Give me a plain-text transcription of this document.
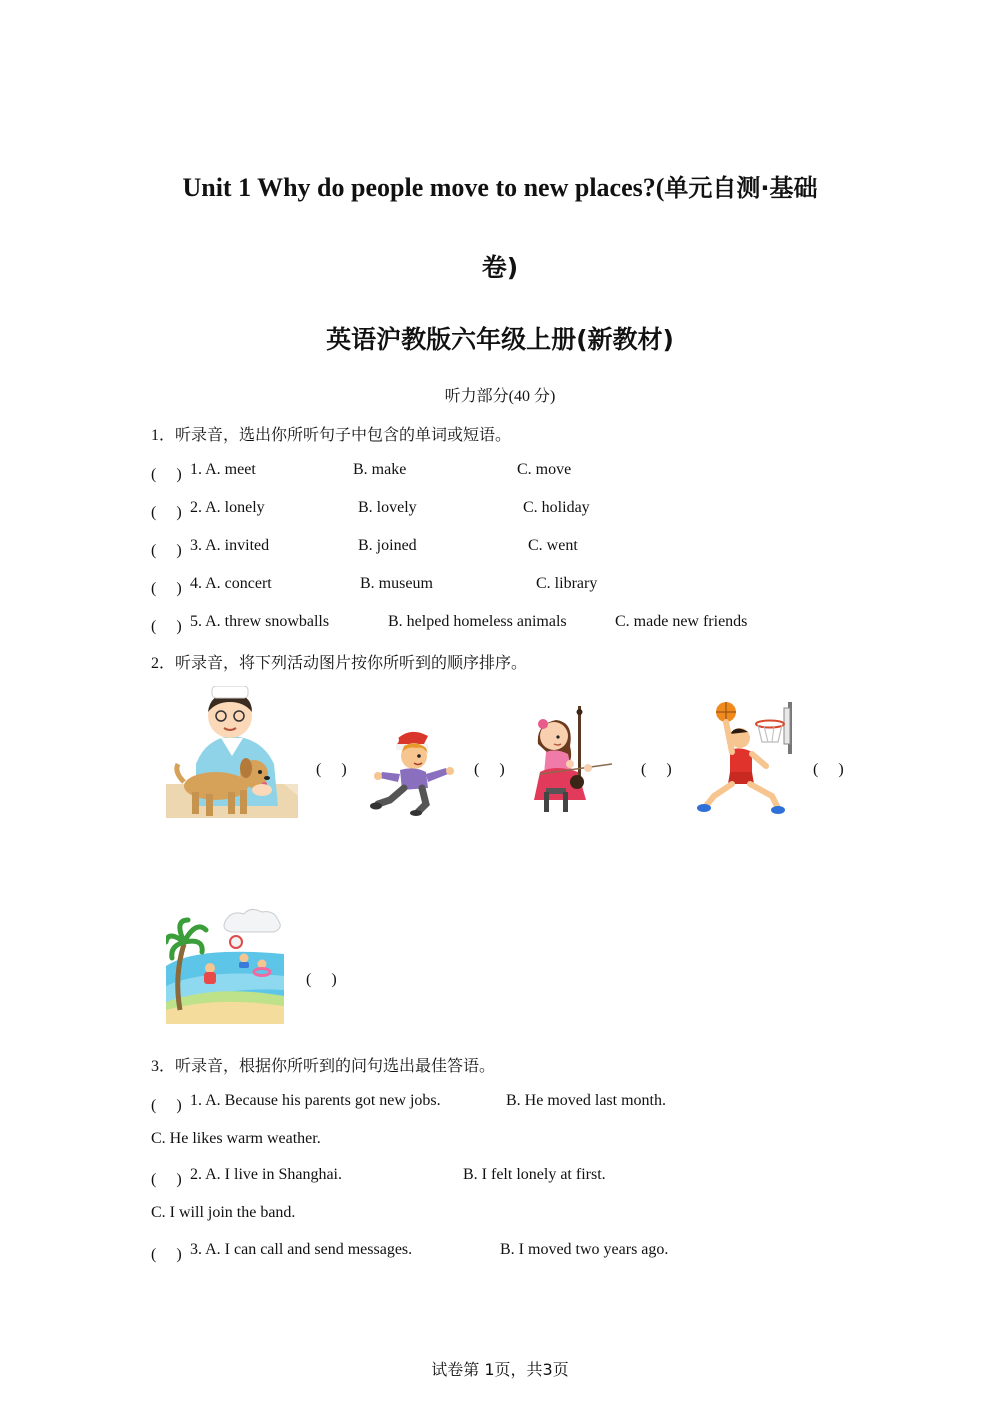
Unit 1 Why do people move to new places?(单元自测·基础
卷)
英语沪教版六年级上册(新教材)
听力部分(40 分)
1．听录音，选出你所听句子中包含的单词或短语。
(　 ) 1. A. meet	B. make	C. move
(　 ) 2. A. lonely	B. lovely	C. holiday
(　 ) 3. A. invited	B. joined	C. went
(　 ) 4. A. concert	B. museum	C. library
(　 ) 5. A. threw snowballs	B. helped homeless animals	C. made new friends
2．听录音，将下列活动图片按你所听到的顺序排序。
(　 )	(　 )	(　 )	(　 )
(　 )
3．听录音，根据你所听到的问句选出最佳答语。
(　 ) 1. A. Because his parents got new jobs.	B. He moved last month.
C. He likes warm weather.
(　 ) 2. A. I live in Shanghai.	B. I felt lonely at first.
C. I will join the band.
(　 ) 3. A. I can call and send messages.	B. I moved two years ago.
试卷第 1页，共3页
